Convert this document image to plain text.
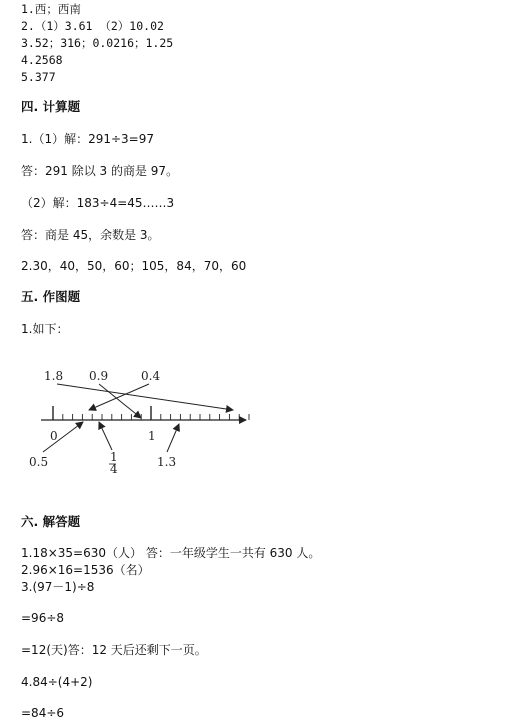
1.西；西南
2.（1）3.61 （2）10.02
3.52；316；0.0216；1.25
4.2568
5.377
四. 计算题
1.（1）解：291÷3=97
答：291 除以 3 的商是 97。
（2）解：183÷4=45……3
答：商是 45，余数是 3。
2.30，40，50，60；105，84，70，60
五. 作图题
1.如下：
1.8 0.9	0.4
0	1
0.5	1.3
1
4
六. 解答题
1.18×35=630（人） 答：一年级学生一共有 630 人。
2.96×16=1536（名）
3.(97－1)÷8
=96÷8
=12(天)答：12 天后还剩下一页。
4.84÷(4+2)
=84÷6
